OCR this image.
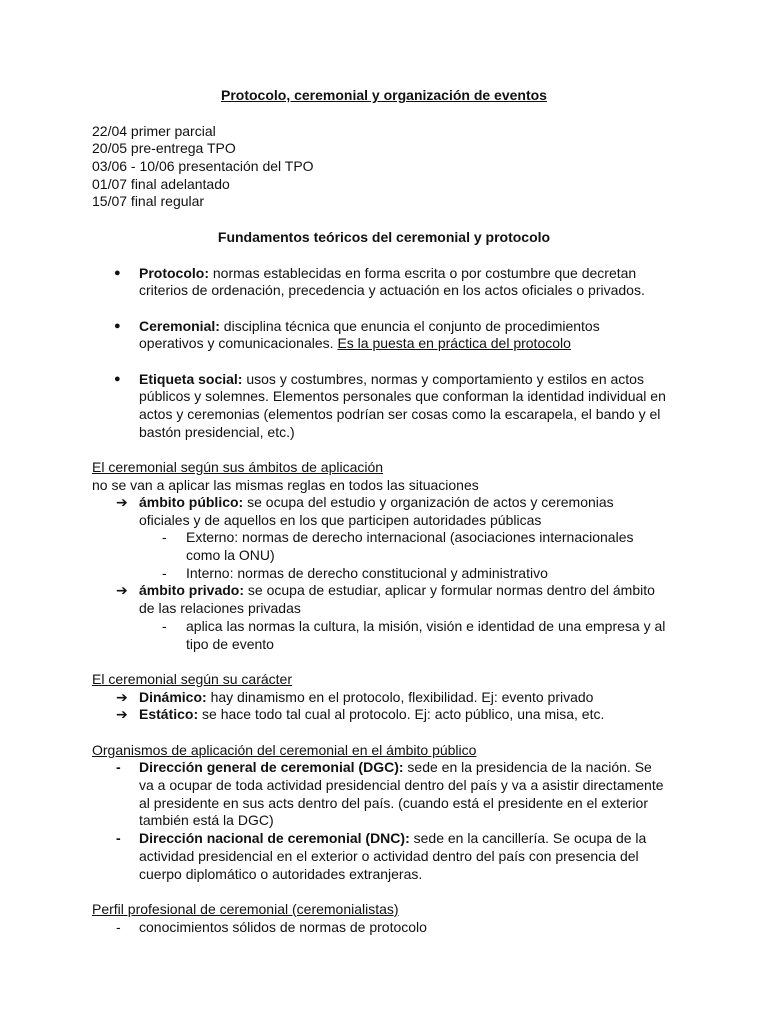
Protocolo, ceremonial y organización de eventos
22/04 primer parcial
20/05 pre-entrega TPO
03/06 - 10/06 presentación del TPO
01/07 final adelantado
15/07 final regular
Fundamentos teóricos del ceremonial y protocolo
● Protocolo: normas establecidas en forma escrita o por costumbre que decretan
criterios de ordenación, precedencia y actuación en los actos oficiales o privados.
● Ceremonial: disciplina técnica que enuncia el conjunto de procedimientos
operativos y comunicacionales. Es la puesta en práctica del protocolo
● Etiqueta social: usos y costumbres, normas y comportamiento y estilos en actos
públicos y solemnes. Elementos personales que conforman la identidad individual en
actos y ceremonias (elementos podrían ser cosas como la escarapela, el bando y el
bastón presidencial, etc.)
El ceremonial según sus ámbitos de aplicación
no se van a aplicar las mismas reglas en todos las situaciones
➔ ámbito público: se ocupa del estudio y organización de actos y ceremonias
oficiales y de aquellos en los que participen autoridades públicas
- Externo: normas de derecho internacional (asociaciones internacionales
como la ONU)
- Interno: normas de derecho constitucional y administrativo
➔ ámbito privado: se ocupa de estudiar, aplicar y formular normas dentro del ámbito
de las relaciones privadas
- aplica las normas la cultura, la misión, visión e identidad de una empresa y al
tipo de evento
El ceremonial según su carácter
➔ Dinámico: hay dinamismo en el protocolo, flexibilidad. Ej: evento privado
➔ Estático: se hace todo tal cual al protocolo. Ej: acto público, una misa, etc.
Organismos de aplicación del ceremonial en el ámbito público
- Dirección general de ceremonial (DGC): sede en la presidencia de la nación. Se
va a ocupar de toda actividad presidencial dentro del país y va a asistir directamente
al presidente en sus acts dentro del país. (cuando está el presidente en el exterior
también está la DGC)
- Dirección nacional de ceremonial (DNC): sede en la cancillería. Se ocupa de la
actividad presidencial en el exterior o actividad dentro del país con presencia del
cuerpo diplomático o autoridades extranjeras.
Perfil profesional de ceremonial (ceremonialistas)
- conocimientos sólidos de normas de protocolo
